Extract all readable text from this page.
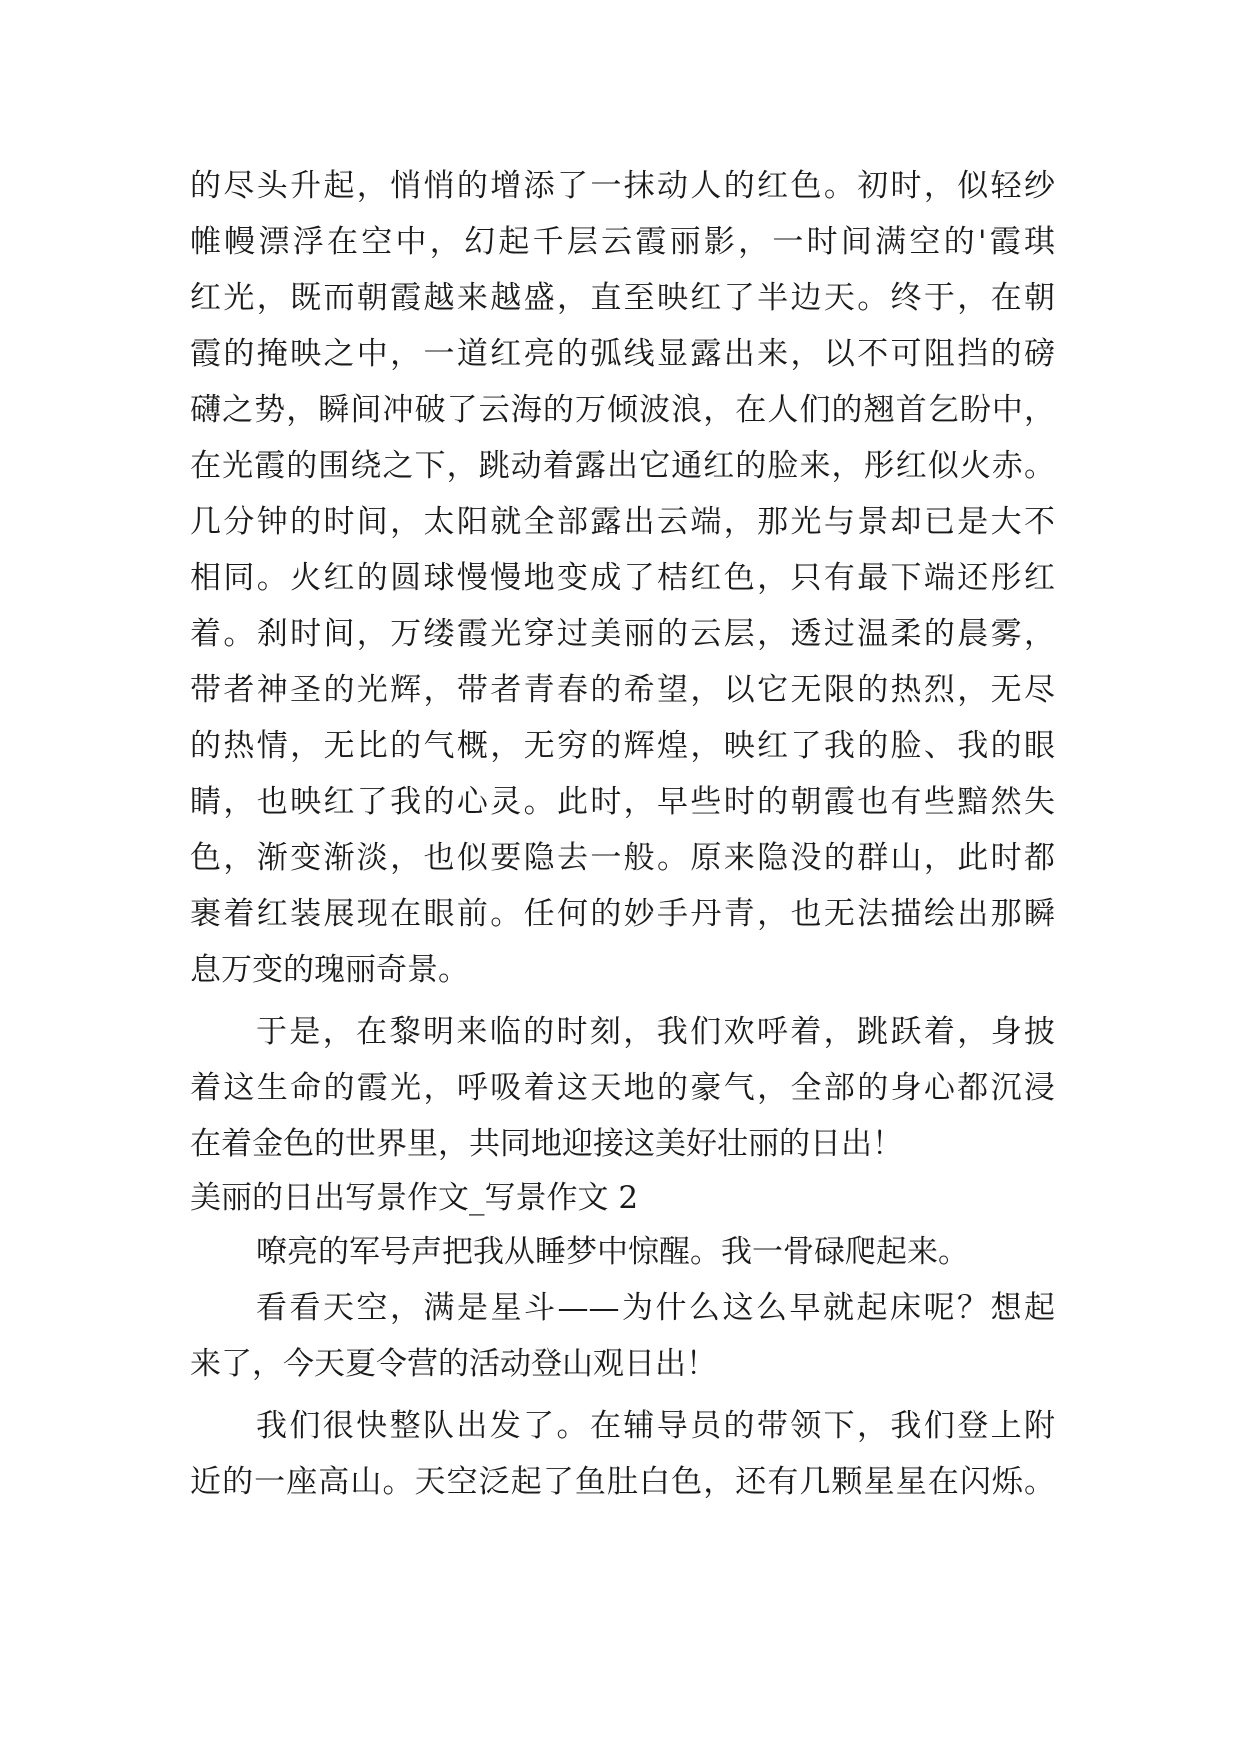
的尽头升起，悄悄的增添了一抹动人的红色。初时，似轻纱
帷幔漂浮在空中，幻起千层云霞丽影，一时间满空的'霞琪
红光，既而朝霞越来越盛，直至映红了半边天。终于，在朝
霞的掩映之中，一道红亮的弧线显露出来，以不可阻挡的磅
礴之势，瞬间冲破了云海的万倾波浪，在人们的翘首乞盼中，
在光霞的围绕之下，跳动着露出它通红的脸来，彤红似火赤。
几分钟的时间，太阳就全部露出云端，那光与景却已是大不
相同。火红的圆球慢慢地变成了桔红色，只有最下端还彤红
着。刹时间，万缕霞光穿过美丽的云层，透过温柔的晨雾，
带者神圣的光辉，带者青春的希望，以它无限的热烈，无尽
的热情，无比的气概，无穷的辉煌，映红了我的脸、我的眼
睛，也映红了我的心灵。此时，早些时的朝霞也有些黯然失
色，渐变渐淡，也似要隐去一般。原来隐没的群山，此时都
裹着红装展现在眼前。任何的妙手丹青，也无法描绘出那瞬
息万变的瑰丽奇景。
于是，在黎明来临的时刻，我们欢呼着，跳跃着，身披
着这生命的霞光，呼吸着这天地的豪气，全部的身心都沉浸
在着金色的世界里，共同地迎接这美好壮丽的日出！
美丽的日出写景作文_写景作文 2
嘹亮的军号声把我从睡梦中惊醒。我一骨碌爬起来。
看看天空，满是星斗——为什么这么早就起床呢？想起
来了，今天夏令营的活动登山观日出！
我们很快整队出发了。在辅导员的带领下，我们登上附
近的一座高山。天空泛起了鱼肚白色，还有几颗星星在闪烁。
